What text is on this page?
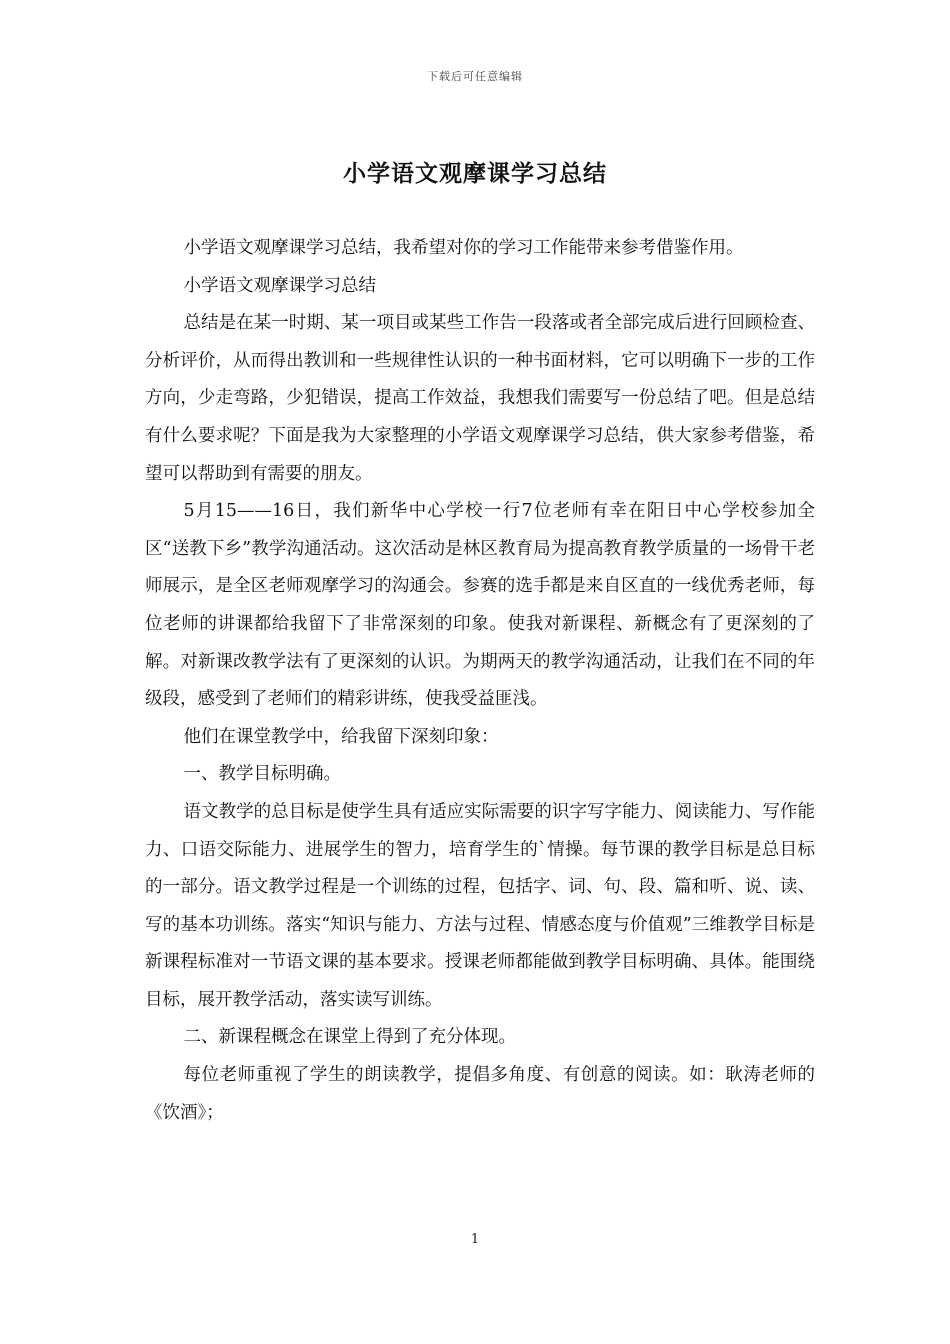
下载后可任意编辑
小学语文观摩课学习总结

小学语文观摩课学习总结，我希望对你的学习工作能带来参考借鉴作用。

小学语文观摩课学习总结

总结是在某一时期、某一项目或某些工作告一段落或者全部完成后进行回顾检查、分析评价，从而得出教训和一些规律性认识的一种书面材料，它可以明确下一步的工作方向，少走弯路，少犯错误，提高工作效益，我想我们需要写一份总结了吧。但是总结有什么要求呢？下面是我为大家整理的小学语文观摩课学习总结，供大家参考借鉴，希望可以帮助到有需要的朋友。

5月15——16日，我们新华中心学校一行7位老师有幸在阳日中心学校参加全区“送教下乡”教学沟通活动。这次活动是林区教育局为提高教育教学质量的一场骨干老师展示，是全区老师观摩学习的沟通会。参赛的选手都是来自区直的一线优秀老师，每位老师的讲课都给我留下了非常深刻的印象。使我对新课程、新概念有了更深刻的了解。对新课改教学法有了更深刻的认识。为期两天的教学沟通活动，让我们在不同的年级段，感受到了老师们的精彩讲练，使我受益匪浅。

他们在课堂教学中，给我留下深刻印象：

一、教学目标明确。

语文教学的总目标是使学生具有适应实际需要的识字写字能力、阅读能力、写作能力、口语交际能力、进展学生的智力，培育学生的`情操。每节课的教学目标是总目标的一部分。语文教学过程是一个训练的过程，包括字、词、句、段、篇和听、说、读、写的基本功训练。落实“知识与能力、方法与过程、情感态度与价值观”三维教学目标是新课程标准对一节语文课的基本要求。授课老师都能做到教学目标明确、具体。能围绕目标，展开教学活动，落实读写训练。

二、新课程概念在课堂上得到了充分体现。

每位老师重视了学生的朗读教学，提倡多角度、有创意的阅读。如：耿涛老师的《饮酒》；

1
